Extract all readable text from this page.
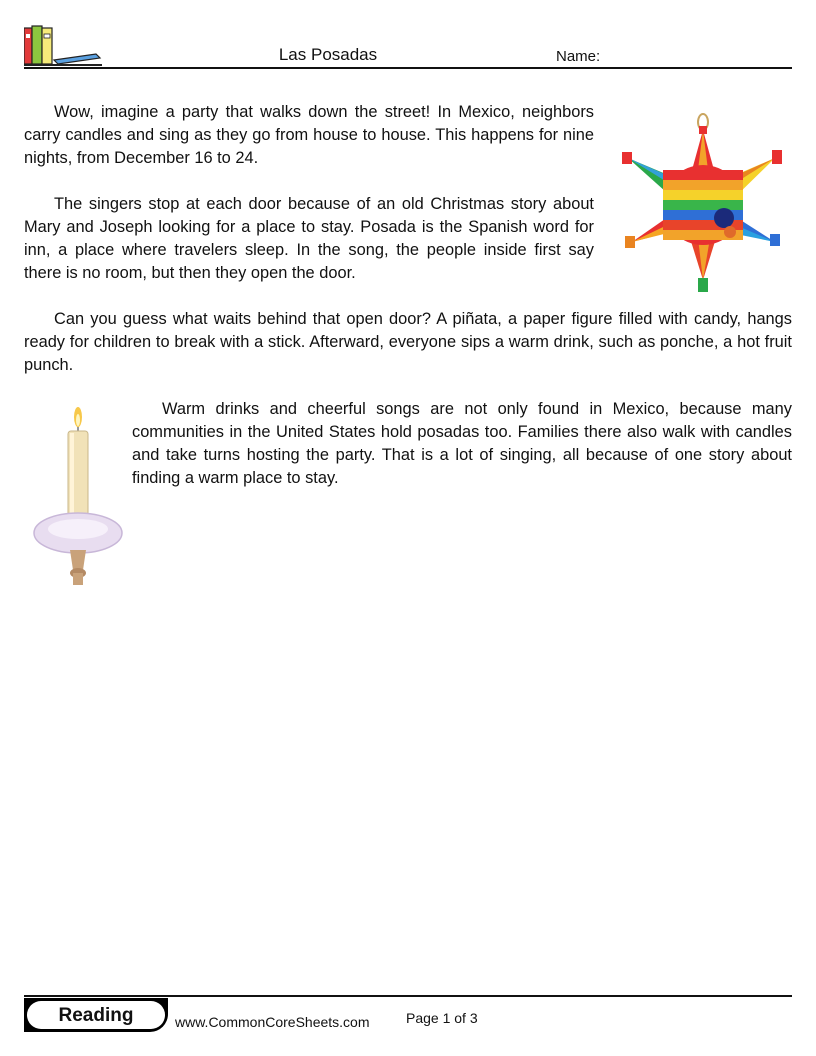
Las Posadas	Name:

Wow, imagine a party that walks down the street! In Mexico, neighbors carry candles and sing as they go from house to house. This happens for nine nights, from December 16 to 24.

The singers stop at each door because of an old Christmas story about Mary and Joseph looking for a place to stay. Posada is the Spanish word for inn, a place where travelers sleep. In the song, the people inside first say there is no room, but then they open the door.

Can you guess what waits behind that open door? A piñata, a paper figure filled with candy, hangs ready for children to break with a stick. Afterward, everyone sips a warm drink, such as ponche, a hot fruit punch.

Warm drinks and cheerful songs are not only found in Mexico, because many communities in the United States hold posadas too. Families there also walk with candles and take turns hosting the party. That is a lot of singing, all because of one story about finding a warm place to stay.

Reading	www.CommonCoreSheets.com	Page 1 of 3
